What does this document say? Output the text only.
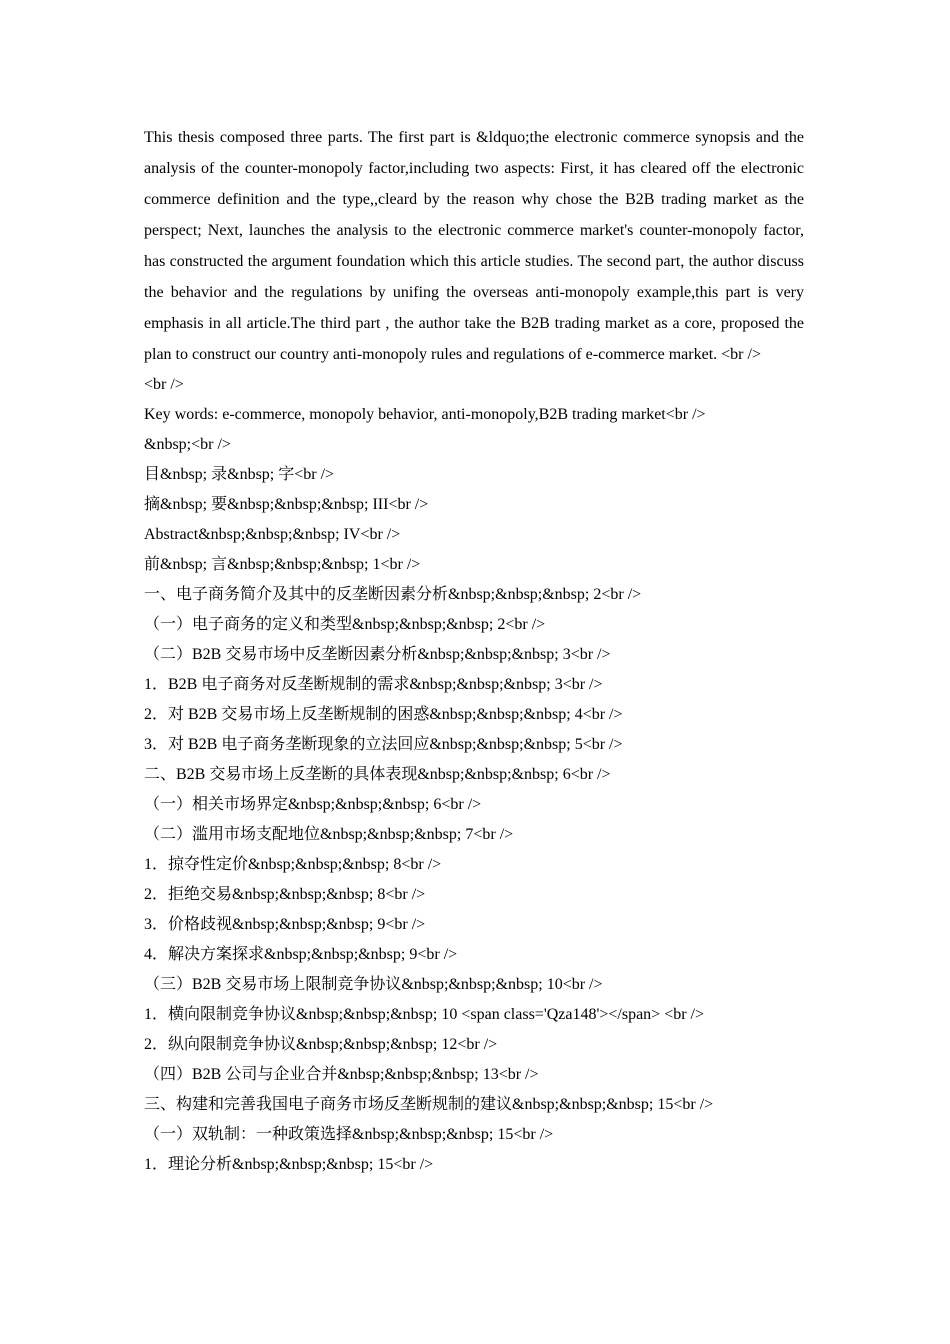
This thesis composed three parts. The first part is &ldquo;the electronic commerce synopsis and the analysis of the counter-monopoly factor,including two aspects: First, it has cleared off the electronic commerce definition and the type,,cleard by the reason why chose the B2B trading market as the perspect; Next, launches the analysis to the electronic commerce market's counter-monopoly factor, has constructed the argument foundation which this article studies. The second part, the author discuss the behavior and the regulations by unifing the overseas anti-monopoly example,this part is very emphasis in all article.The third part , the author take the B2B trading market as a core, proposed the plan to construct our country anti-monopoly rules and regulations of e-commerce market. <br />

<br />

Key words: e-commerce, monopoly behavior, anti-monopoly,B2B trading market<br />

&nbsp;<br />

目&nbsp; 录&nbsp; 字<br />

摘&nbsp; 要&nbsp;&nbsp;&nbsp; III<br />

Abstract&nbsp;&nbsp;&nbsp; IV<br />

前&nbsp; 言&nbsp;&nbsp;&nbsp; 1<br />

一、电子商务简介及其中的反垄断因素分析&nbsp;&nbsp;&nbsp; 2<br />

（一）电子商务的定义和类型&nbsp;&nbsp;&nbsp; 2<br />

（二）B2B 交易市场中反垄断因素分析&nbsp;&nbsp;&nbsp; 3<br />

1．B2B 电子商务对反垄断规制的需求&nbsp;&nbsp;&nbsp; 3<br />

2．对 B2B 交易市场上反垄断规制的困惑&nbsp;&nbsp;&nbsp; 4<br />

3．对 B2B 电子商务垄断现象的立法回应&nbsp;&nbsp;&nbsp; 5<br />

二、B2B 交易市场上反垄断的具体表现&nbsp;&nbsp;&nbsp; 6<br />

（一）相关市场界定&nbsp;&nbsp;&nbsp; 6<br />

（二）滥用市场支配地位&nbsp;&nbsp;&nbsp; 7<br />

1．掠夺性定价&nbsp;&nbsp;&nbsp; 8<br />

2．拒绝交易&nbsp;&nbsp;&nbsp; 8<br />

3．价格歧视&nbsp;&nbsp;&nbsp; 9<br />

4．解决方案探求&nbsp;&nbsp;&nbsp; 9<br />

（三）B2B 交易市场上限制竞争协议&nbsp;&nbsp;&nbsp; 10<br />

1．横向限制竞争协议&nbsp;&nbsp;&nbsp; 10 <span class='Qza148'></span> <br />

2．纵向限制竞争协议&nbsp;&nbsp;&nbsp; 12<br />

（四）B2B 公司与企业合并&nbsp;&nbsp;&nbsp; 13<br />

三、构建和完善我国电子商务市场反垄断规制的建议&nbsp;&nbsp;&nbsp; 15<br />

（一）双轨制：一种政策选择&nbsp;&nbsp;&nbsp; 15<br />

1．理论分析&nbsp;&nbsp;&nbsp; 15<br />
